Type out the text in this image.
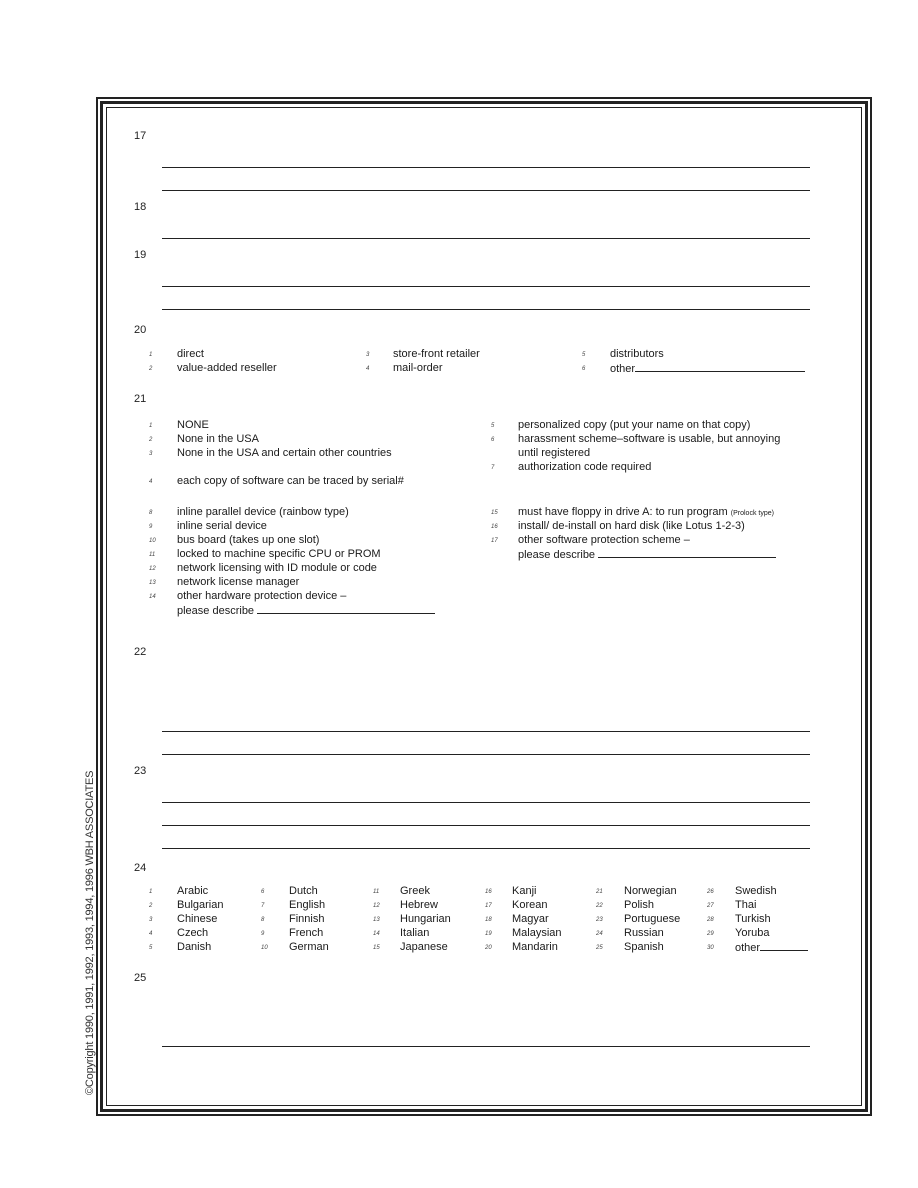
©Copyright 1990, 1991, 1992, 1993, 1994, 1996 WBH ASSOCIATES
17
18
19
20
1 direct
2 value-added reseller
3 store-front retailer
4 mail-order
5 distributors
6 other
21
1 NONE
2 None in the USA
3 None in the USA and certain other countries
4 each copy of software can be traced by serial#
8 inline parallel device (rainbow type)
9 inline serial device
10 bus board (takes up one slot)
11 locked to machine specific CPU or PROM
12 network licensing with ID module or code
13 network license manager
14 other hardware protection device –
please describe
5 personalized copy (put your name on that copy)
6 harassment scheme–software is usable, but annoying
until registered
7 authorization code required
15 must have floppy in drive A: to run program (Prolock type)
16 install/ de-install on hard disk (like Lotus 1-2-3)
17 other software protection scheme –
please describe
22
23
24
1 Arabic
2 Bulgarian
3 Chinese
4 Czech
5 Danish
6 Dutch
7 English
8 Finnish
9 French
10 German
11 Greek
12 Hebrew
13 Hungarian
14 Italian
15 Japanese
16 Kanji
17 Korean
18 Magyar
19 Malaysian
20 Mandarin
21 Norwegian
22 Polish
23 Portuguese
24 Russian
25 Spanish
26 Swedish
27 Thai
28 Turkish
29 Yoruba
30 other
25
